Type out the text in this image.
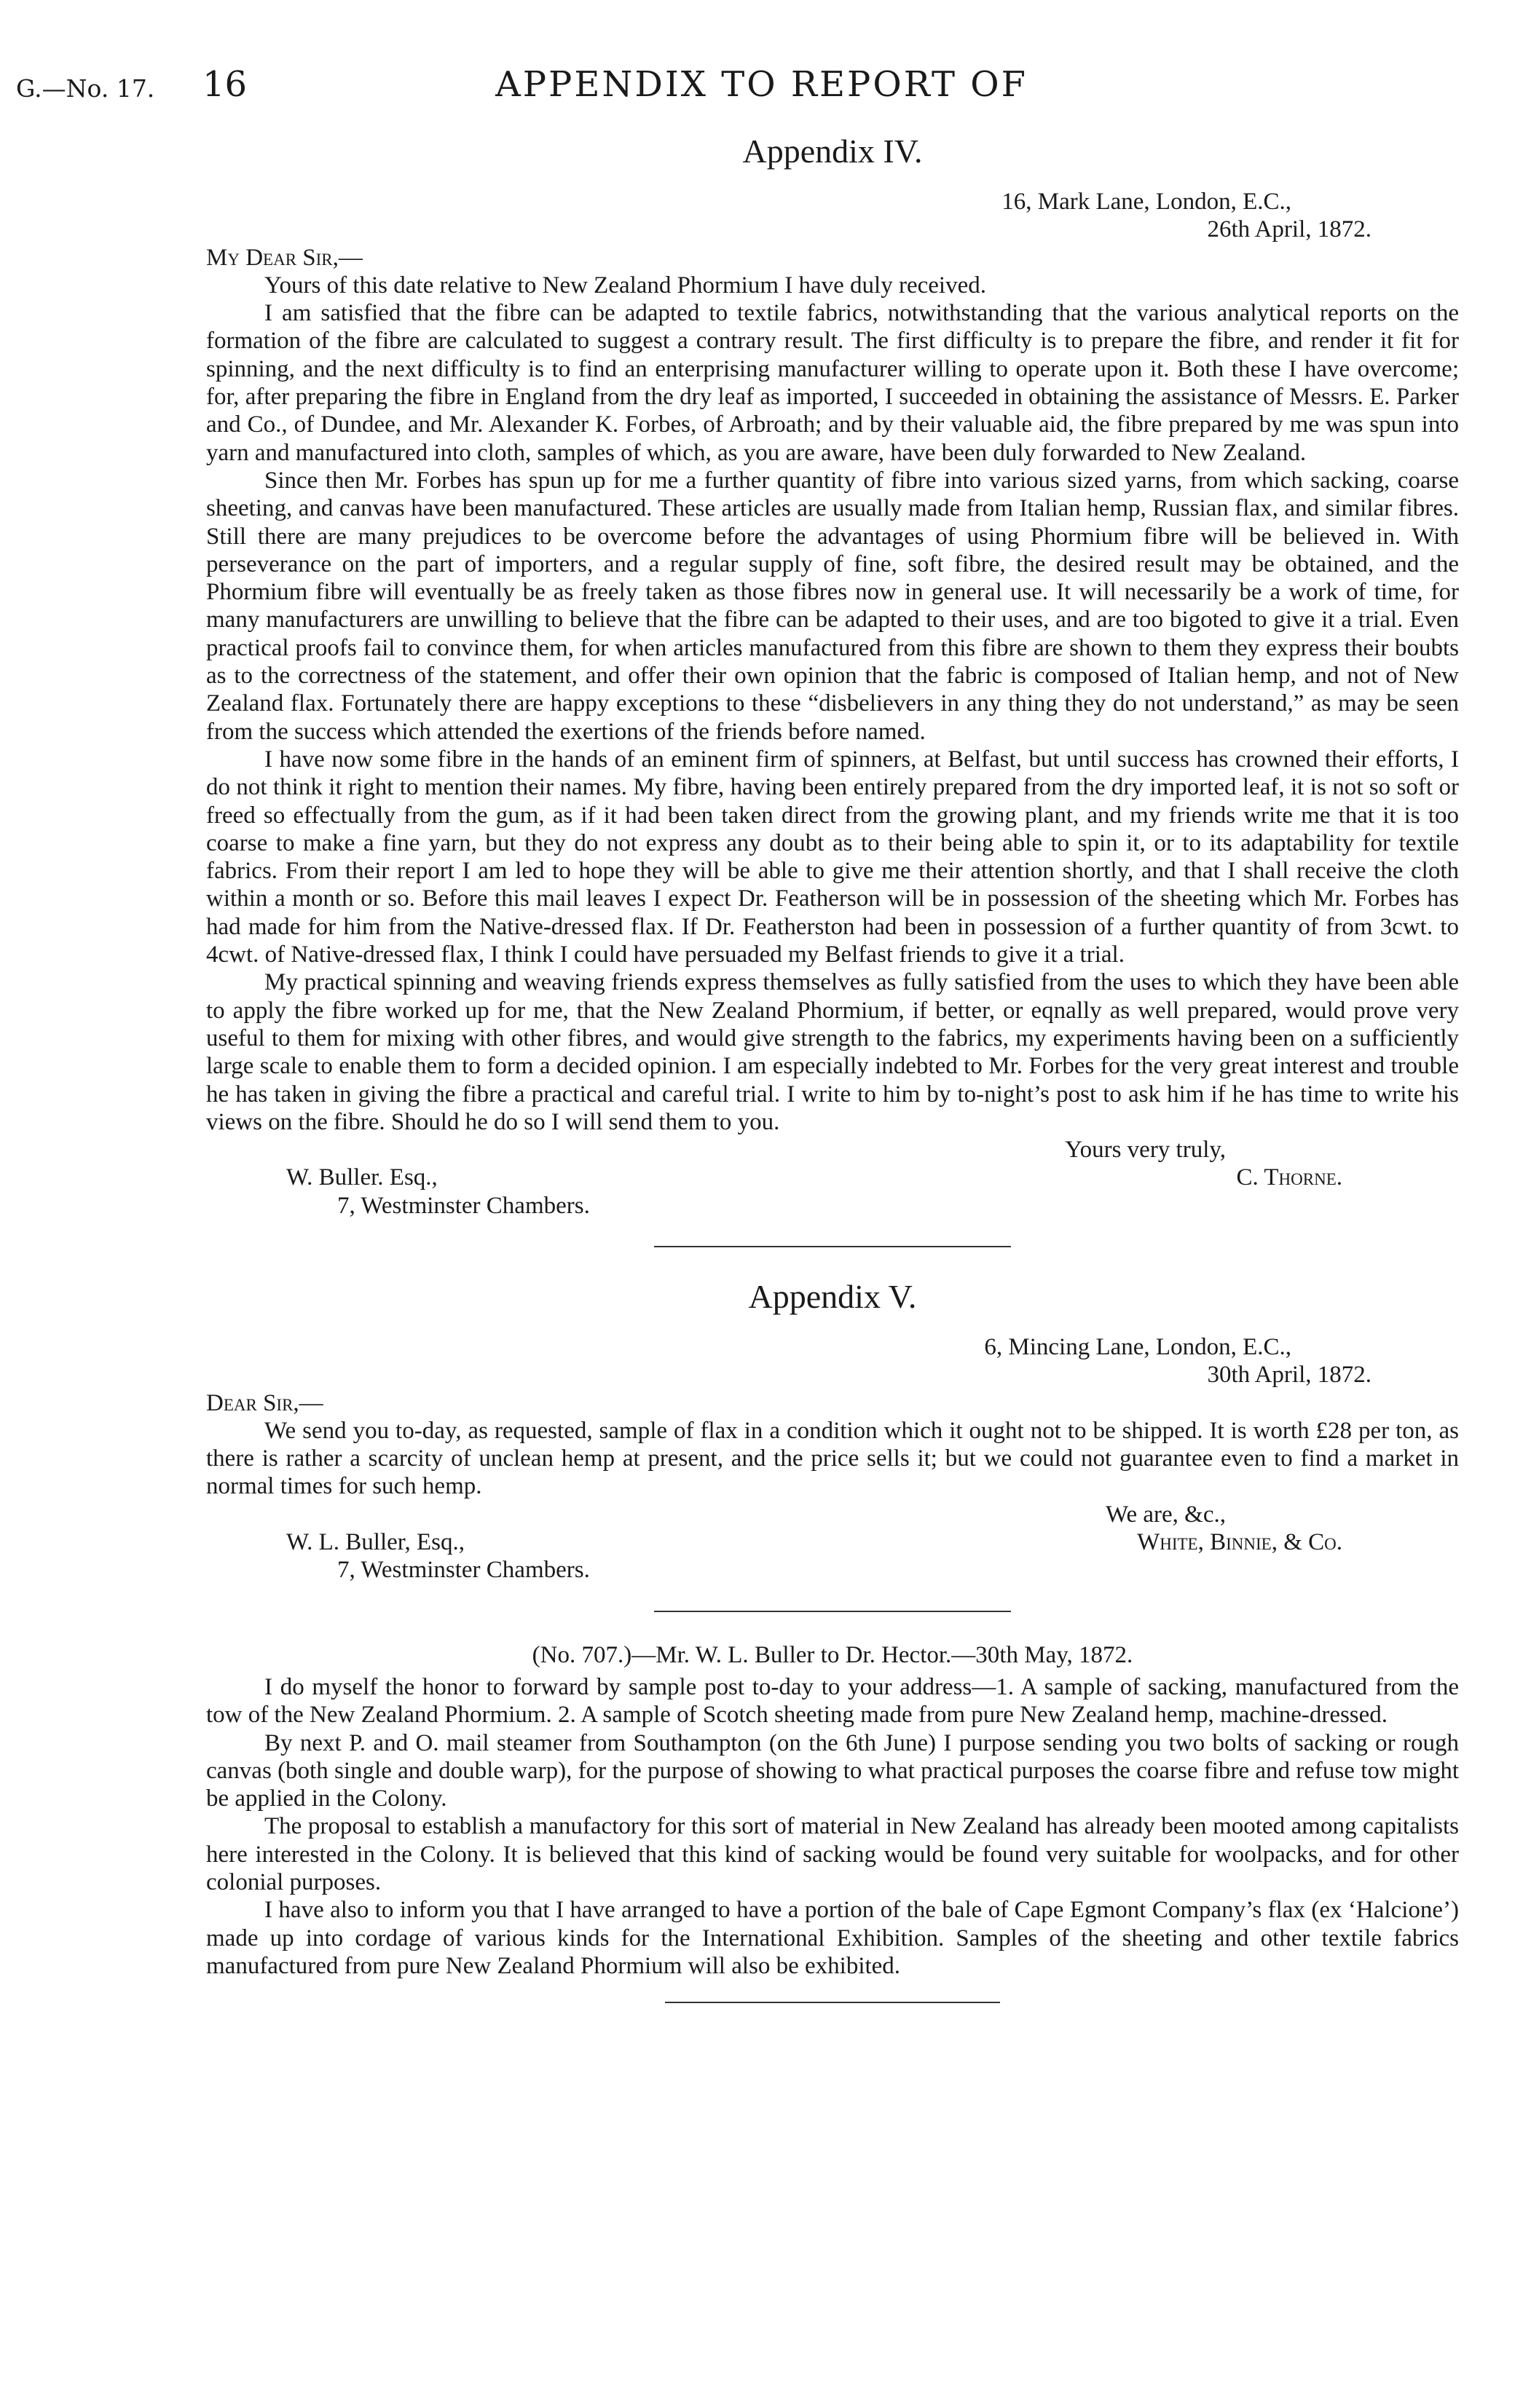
G.—No. 17. 16	APPENDIX TO REPORT OF
Appendix IV.

16, Mark Lane, London, E.C.,

26th April, 1872.

My Dear Sir,—

Yours of this date relative to New Zealand Phormium I have duly received.

I am satisfied that the fibre can be adapted to textile fabrics, notwithstanding that the various analytical reports on the formation of the fibre are calculated to suggest a contrary result. The first difficulty is to prepare the fibre, and render it fit for spinning, and the next difficulty is to find an enterprising manufacturer willing to operate upon it. Both these I have overcome; for, after preparing the fibre in England from the dry leaf as imported, I succeeded in obtaining the assistance of Messrs. E. Parker and Co., of Dundee, and Mr. Alexander K. Forbes, of Arbroath; and by their valuable aid, the fibre prepared by me was spun into yarn and manufactured into cloth, samples of which, as you are aware, have been duly forwarded to New Zealand.

Since then Mr. Forbes has spun up for me a further quantity of fibre into various sized yarns, from which sacking, coarse sheeting, and canvas have been manufactured. These articles are usually made from Italian hemp, Russian flax, and similar fibres. Still there are many prejudices to be overcome before the advantages of using Phormium fibre will be believed in. With perseverance on the part of importers, and a regular supply of fine, soft fibre, the desired result may be obtained, and the Phormium fibre will eventually be as freely taken as those fibres now in general use. It will necessarily be a work of time, for many manufacturers are unwilling to believe that the fibre can be adapted to their uses, and are too bigoted to give it a trial. Even practical proofs fail to convince them, for when articles manufactured from this fibre are shown to them they express their boubts as to the correctness of the statement, and offer their own opinion that the fabric is composed of Italian hemp, and not of New Zealand flax. Fortunately there are happy exceptions to these “disbelievers in any thing they do not understand,” as may be seen from the success which attended the exertions of the friends before named.

I have now some fibre in the hands of an eminent firm of spinners, at Belfast, but until success has crowned their efforts, I do not think it right to mention their names. My fibre, having been entirely prepared from the dry imported leaf, it is not so soft or freed so effectually from the gum, as if it had been taken direct from the growing plant, and my friends write me that it is too coarse to make a fine yarn, but they do not express any doubt as to their being able to spin it, or to its adaptability for textile fabrics. From their report I am led to hope they will be able to give me their attention shortly, and that I shall receive the cloth within a month or so. Before this mail leaves I expect Dr. Featherson will be in possession of the sheeting which Mr. Forbes has had made for him from the Native-dressed flax. If Dr. Featherston had been in possession of a further quantity of from 3cwt. to 4cwt. of Native-dressed flax, I think I could have persuaded my Belfast friends to give it a trial.

My practical spinning and weaving friends express themselves as fully satisfied from the uses to which they have been able to apply the fibre worked up for me, that the New Zealand Phormium, if better, or eqnally as well prepared, would prove very useful to them for mixing with other fibres, and would give strength to the fabrics, my experiments having been on a sufficiently large scale to enable them to form a decided opinion. I am especially indebted to Mr. Forbes for the very great interest and trouble he has taken in giving the fibre a practical and careful trial. I write to him by to-night’s post to ask him if he has time to write his views on the fibre. Should he do so I will send them to you.

Yours very truly,

W. Buller. Esq.,	C. Thorne.

7, Westminster Chambers.

Appendix V.

6, Mincing Lane, London, E.C.,

30th April, 1872.

Dear Sir,—

We send you to-day, as requested, sample of flax in a condition which it ought not to be shipped. It is worth £28 per ton, as there is rather a scarcity of unclean hemp at present, and the price sells it; but we could not guarantee even to find a market in normal times for such hemp.

We are, &c.,

W. L. Buller, Esq.,	White, Binnie, & Co.

7, Westminster Chambers.

(No. 707.)—Mr. W. L. Buller to Dr. Hector.—30th May, 1872.

I do myself the honor to forward by sample post to-day to your address—1. A sample of sacking, manufactured from the tow of the New Zealand Phormium. 2. A sample of Scotch sheeting made from pure New Zealand hemp, machine-dressed.

By next P. and O. mail steamer from Southampton (on the 6th June) I purpose sending you two bolts of sacking or rough canvas (both single and double warp), for the purpose of showing to what practical purposes the coarse fibre and refuse tow might be applied in the Colony.

The proposal to establish a manufactory for this sort of material in New Zealand has already been mooted among capitalists here interested in the Colony. It is believed that this kind of sacking would be found very suitable for woolpacks, and for other colonial purposes.

I have also to inform you that I have arranged to have a portion of the bale of Cape Egmont Company’s flax (ex ‘Halcione’) made up into cordage of various kinds for the International Exhibition. Samples of the sheeting and other textile fabrics manufactured from pure New Zealand Phormium will also be exhibited.
